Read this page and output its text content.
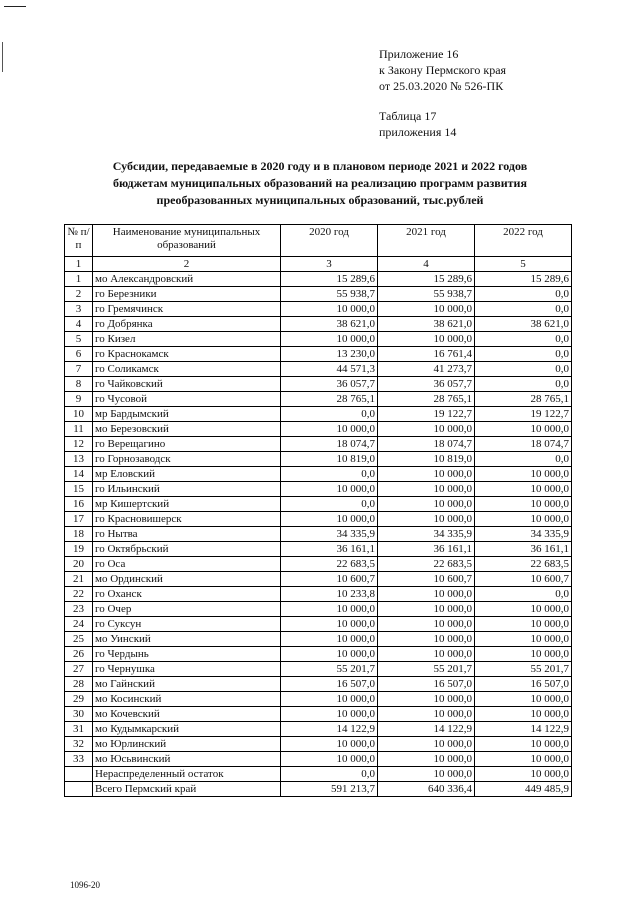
Приложение 16
к Закону Пермского края
от 25.03.2020 № 526-ПК
Таблица 17
приложения 14
Субсидии, передаваемые в 2020 году и в плановом периоде 2021 и 2022 годов
бюджетам муниципальных образований на реализацию программ развития
преобразованных муниципальных образований, тыс.рублей
№ п/п	Наименование муниципальных образований	2020 год	2021 год	2022 год
1	2	3	4	5
1	мо Александровский	15 289,6	15 289,6	15 289,6
2	го Березники	55 938,7	55 938,7	0,0
3	го Гремячинск	10 000,0	10 000,0	0,0
4	го Добрянка	38 621,0	38 621,0	38 621,0
5	го Кизел	10 000,0	10 000,0	0,0
6	го Краснокамск	13 230,0	16 761,4	0,0
7	го Соликамск	44 571,3	41 273,7	0,0
8	го Чайковский	36 057,7	36 057,7	0,0
9	го Чусовой	28 765,1	28 765,1	28 765,1
10	мр Бардымский	0,0	19 122,7	19 122,7
11	мо Березовский	10 000,0	10 000,0	10 000,0
12	го Верещагино	18 074,7	18 074,7	18 074,7
13	го Горнозаводск	10 819,0	10 819,0	0,0
14	мр Еловский	0,0	10 000,0	10 000,0
15	го Ильинский	10 000,0	10 000,0	10 000,0
16	мр Кишертский	0,0	10 000,0	10 000,0
17	го Красновишерск	10 000,0	10 000,0	10 000,0
18	го Нытва	34 335,9	34 335,9	34 335,9
19	го Октябрьский	36 161,1	36 161,1	36 161,1
20	го Оса	22 683,5	22 683,5	22 683,5
21	мо Ординский	10 600,7	10 600,7	10 600,7
22	го Оханск	10 233,8	10 000,0	0,0
23	го Очер	10 000,0	10 000,0	10 000,0
24	го Суксун	10 000,0	10 000,0	10 000,0
25	мо Уинский	10 000,0	10 000,0	10 000,0
26	го Чердынь	10 000,0	10 000,0	10 000,0
27	го Чернушка	55 201,7	55 201,7	55 201,7
28	мо Гайнский	16 507,0	16 507,0	16 507,0
29	мо Косинский	10 000,0	10 000,0	10 000,0
30	мо Кочевский	10 000,0	10 000,0	10 000,0
31	мо Кудымкарский	14 122,9	14 122,9	14 122,9
32	мо Юрлинский	10 000,0	10 000,0	10 000,0
33	мо Юсьвинский	10 000,0	10 000,0	10 000,0
	Нераспределенный остаток	0,0	10 000,0	10 000,0
	Всего Пермский край	591 213,7	640 336,4	449 485,9
1096-20
